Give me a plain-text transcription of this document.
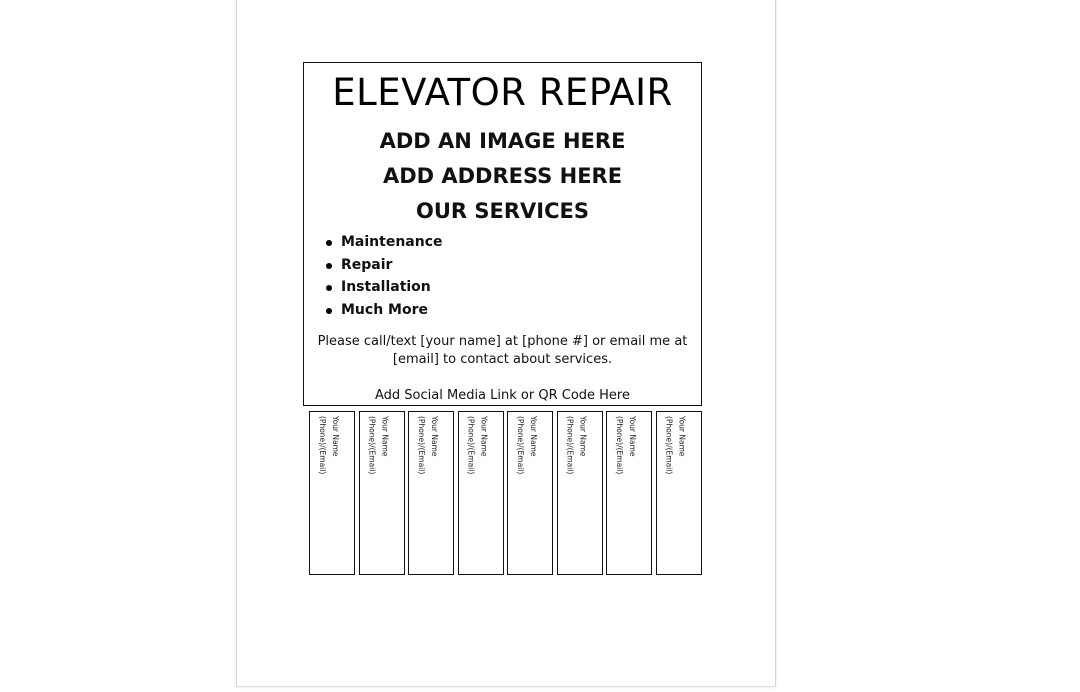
ELEVATOR REPAIR
ADD AN IMAGE HERE
ADD ADDRESS HERE
OUR SERVICES
Maintenance
Repair
Installation
Much More
Please call/text [your name] at [phone #] or email me at [email] to contact about services.
Add Social Media Link or QR Code Here
Your Name
(Phone)/(Email)	Your Name
(Phone)/(Email)	Your Name
(Phone)/(Email)	Your Name
(Phone)/(Email)	Your Name
(Phone)/(Email)	Your Name
(Phone)/(Email)	Your Name
(Phone)/(Email)	Your Name
(Phone)/(Email)
